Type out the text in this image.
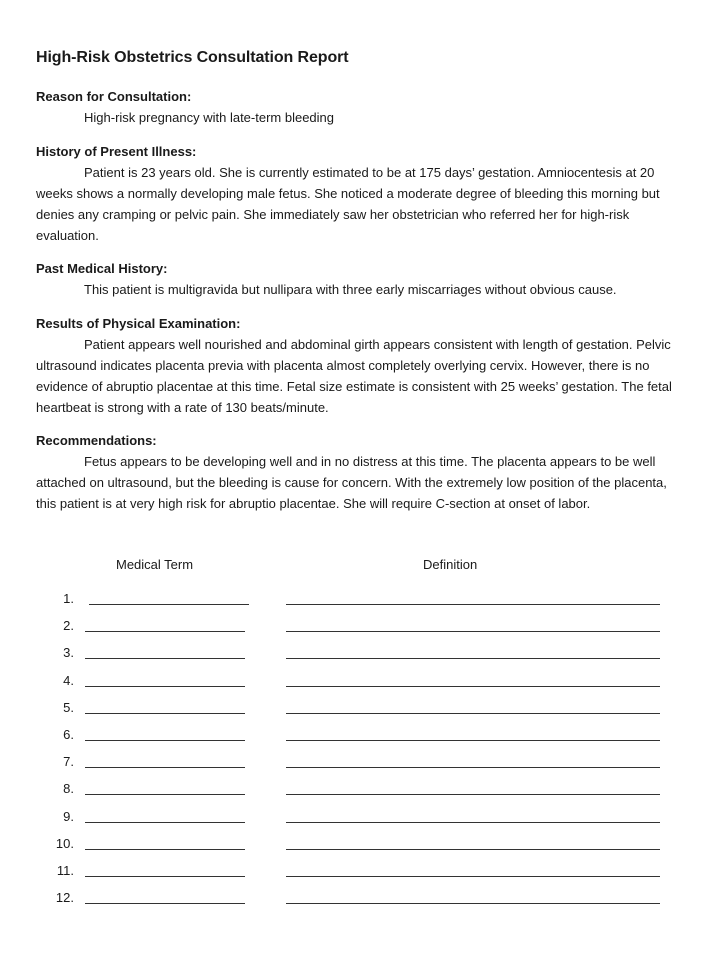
High-Risk Obstetrics Consultation Report

Reason for Consultation:

High-risk pregnancy with late-term bleeding

History of Present Illness:

Patient is 23 years old. She is currently estimated to be at 175 days’ gestation. Amniocentesis at 20 weeks shows a normally developing male fetus. She noticed a moderate degree of bleeding this morning but denies any cramping or pelvic pain. She immediately saw her obstetrician who referred her for high-risk evaluation.

Past Medical History:

This patient is multigravida but nullipara with three early miscarriages without obvious cause.

Results of Physical Examination:

Patient appears well nourished and abdominal girth appears consistent with length of gestation. Pelvic ultrasound indicates placenta previa with placenta almost completely overlying cervix. However, there is no evidence of abruptio placentae at this time. Fetal size estimate is consistent with 25 weeks’ gestation. The fetal heartbeat is strong with a rate of 130 beats/minute.

Recommendations:

Fetus appears to be developing well and in no distress at this time. The placenta appears to be well attached on ultrasound, but the bleeding is cause for concern. With the extremely low position of the placenta, this patient is at very high risk for abruptio placentae. She will require C-section at onset of labor.

Medical Term	Definition
1.
2.
3.
4.
5.
6.
7.
8.
9.
10.
11.
12.
